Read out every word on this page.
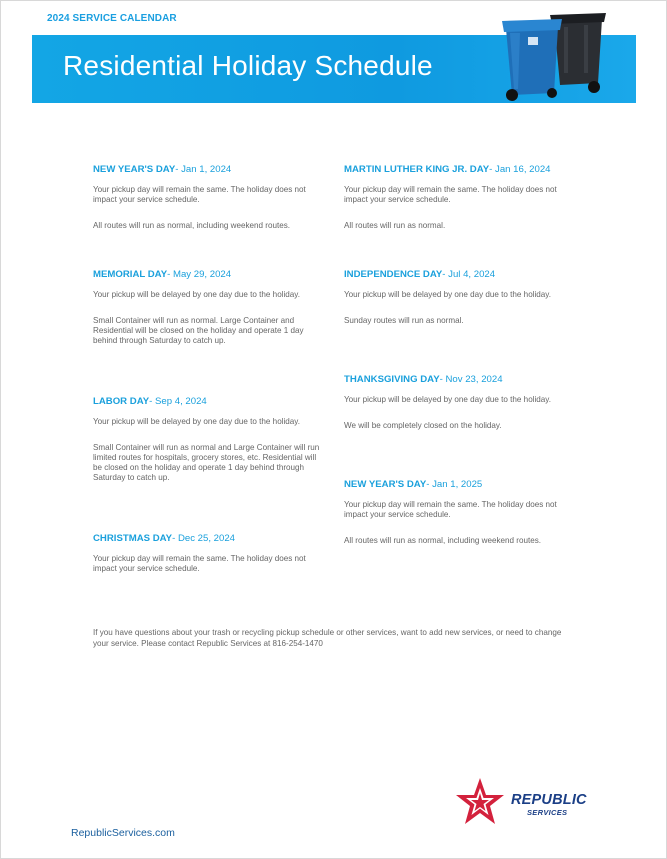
2024 SERVICE CALENDAR
Residential Holiday Schedule
NEW YEAR'S DAY- Jan 1, 2024
Your pickup day will remain the same. The holiday does not impact your service schedule.
All routes will run as normal, including weekend routes.
MEMORIAL DAY- May 29, 2024
Your pickup will be delayed by one day due to the holiday.
Small Container will run as normal. Large Container and Residential will be closed on the holiday and operate 1 day behind through Saturday to catch up.
LABOR DAY- Sep 4, 2024
Your pickup will be delayed by one day due to the holiday.
Small Container will run as normal and Large Container will run limited routes for hospitals, grocery stores, etc. Residential will be closed on the holiday and operate 1 day behind through Saturday to catch up.
CHRISTMAS DAY- Dec 25, 2024
Your pickup day will remain the same. The holiday does not impact your service schedule.
MARTIN LUTHER KING JR. DAY- Jan 16, 2024
Your pickup day will remain the same. The holiday does not impact your service schedule.
All routes will run as normal.
INDEPENDENCE DAY- Jul 4, 2024
Your pickup will be delayed by one day due to the holiday.
Sunday routes will run as normal.
THANKSGIVING DAY- Nov 23, 2024
Your pickup will be delayed by one day due to the holiday.
We will be completely closed on the holiday.
NEW YEAR'S DAY- Jan 1, 2025
Your pickup day will remain the same. The holiday does not impact your service schedule.
All routes will run as normal, including weekend routes.
If you have questions about your trash or recycling pickup schedule or other services, want to add new services, or need to change your service. Please contact Republic Services at 816-254-1470
REPUBLIC
SERVICES
RepublicServices.com
